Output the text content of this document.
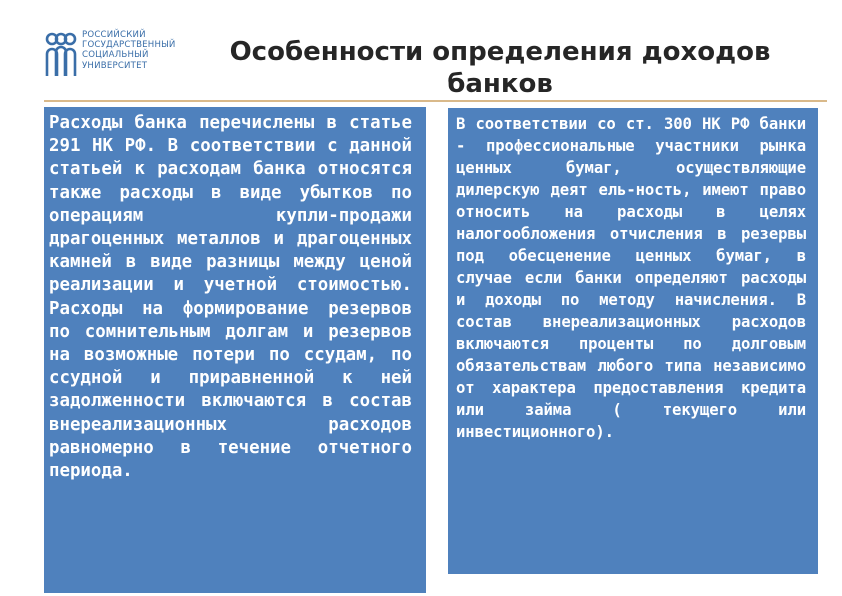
РОССИЙСКИЙ
ГОСУДАРСТВЕННЫЙ
СОЦИАЛЬНЫЙ
УНИВЕРСИТЕТ	Особенности определения доходов
банков

Расходы банка перечислены в статье 291 НК РФ. В соответствии с данной статьей к расходам банка относятся также расходы в виде убытков по операциям купли-продажи драгоценных металлов и драгоценных камней в виде разницы между ценой реализации и учетной стоимостью. Расходы на формирование резервов по сомнительным долгам и резервов на возможные потери по ссудам, по ссудной и приравненной к ней задолженности включаются в состав внереализационных расходов равномерно в течение отчетного периода.

В соответствии со ст. 300 НК РФ банки - профессиональные участники рынка ценных бумаг, осуществляющие дилерскую деят ель-ность, имеют право относить на расходы в целях налогообложения отчисления в резервы под обесценение ценных бумаг, в случае если банки определяют расходы и доходы по методу начисления. В состав внереализационных расходов включаются проценты по долговым обязательствам любого типа независимо от характера предоставления кредита или займа ( текущего или инвестиционного).
